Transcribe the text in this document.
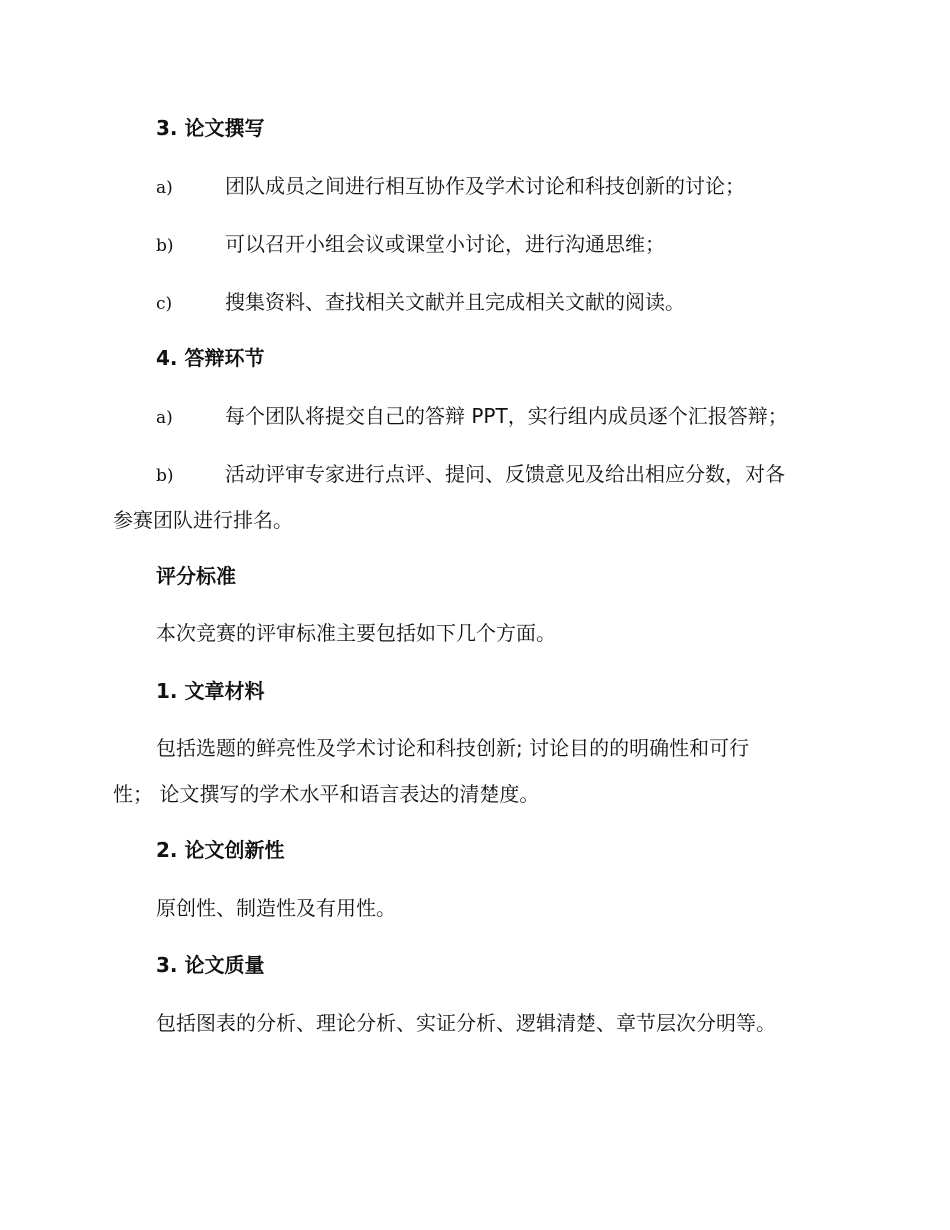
3. 论文撰写
a)	团队成员之间进行相互协作及学术讨论和科技创新的讨论；
b)	可以召开小组会议或课堂小讨论，进行沟通思维；
c)	搜集资料、查找相关文献并且完成相关文献的阅读。
4. 答辩环节
a)	每个团队将提交自己的答辩 PPT，实行组内成员逐个汇报答辩；
b)	活动评审专家进行点评、提问、反馈意见及给出相应分数，对各
参赛团队进行排名。
评分标准
本次竞赛的评审标准主要包括如下几个方面。
1. 文章材料
包括选题的鲜亮性及学术讨论和科技创新; 讨论目的的明确性和可行
性； 论文撰写的学术水平和语言表达的清楚度。
2. 论文创新性
原创性、制造性及有用性。
3. 论文质量
包括图表的分析、理论分析、实证分析、逻辑清楚、章节层次分明等。
